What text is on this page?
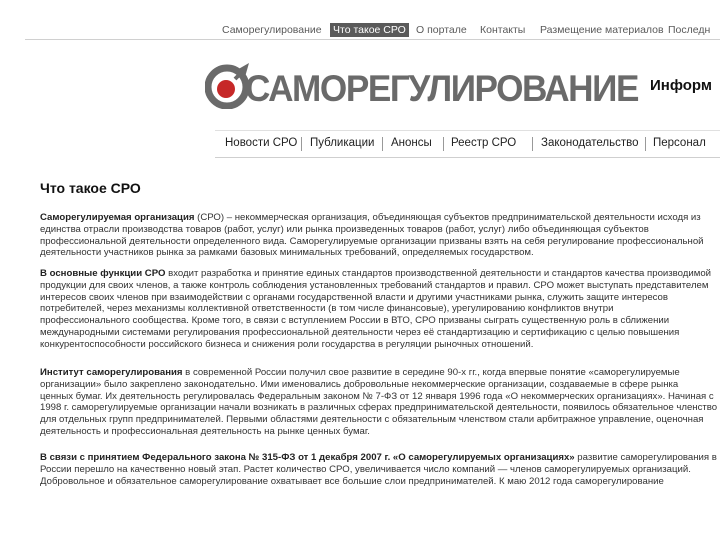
Саморегулирование Что такое СРО О портале Контакты Размещение материалов Последн
САМОРЕГУЛИРОВАНИЕ Информ
Новости СРО Публикации Анонсы Реестр СРО Законодательство Персонал
Что такое СРО
Саморегулируемая организация (СРО) – некоммерческая организация, объединяющая субъектов предпринимательской деятельности исходя из
единства отрасли производства товаров (работ, услуг) или рынка произведенных товаров (работ, услуг) либо объединяющая субъектов
профессиональной деятельности определенного вида. Саморегулируемые организации призваны взять на себя регулирование профессиональной
деятельности участников рынка за рамками базовых минимальных требований, определяемых государством.
В основные функции СРО входит разработка и принятие единых стандартов производственной деятельности и стандартов качества производимой
продукции для своих членов, а также контроль соблюдения установленных требований стандартов и правил. СРО может выступать представителем
интересов своих членов при взаимодействии с органами государственной власти и другими участниками рынка, служить защите интересов
потребителей, через механизмы коллективной ответственности (в том числе финансовые), урегулированию конфликтов внутри
профессионального сообщества. Кроме того, в связи с вступлением России в ВТО, СРО призваны сыграть существенную роль в сближении
международными системами регулирования профессиональной деятельности через её стандартизацию и сертификацию с целью повышения
конкурентоспособности российского бизнеса и снижения роли государства в регуляции рыночных отношений.
Институт саморегулирования в современной России получил свое развитие в середине 90-х гг., когда впервые понятие «саморегулируемые
организации» было закреплено законодательно. Ими именовались добровольные некоммерческие организации, создаваемые в сфере рынка
ценных бумаг. Их деятельность регулировалась Федеральным законом № 7-ФЗ от 12 января 1996 года «О некоммерческих организациях». Начиная с
1998 г. саморегулируемые организации начали возникать в различных сферах предпринимательской деятельности, появилось обязательное членство
для отдельных групп предпринимателей. Первыми областями деятельности с обязательным членством стали арбитражное управление, оценочная
деятельность и профессиональная деятельность на рынке ценных бумаг.
В связи с принятием Федерального закона № 315-ФЗ от 1 декабря 2007 г. «О саморегулируемых организациях» развитие саморегулирования в
России перешло на качественно новый этап. Растет количество СРО, увеличивается число компаний — членов саморегулируемых организаций.
Добровольное и обязательное саморегулирование охватывает все большие слои предпринимателей. К маю 2012 года саморегулирование
